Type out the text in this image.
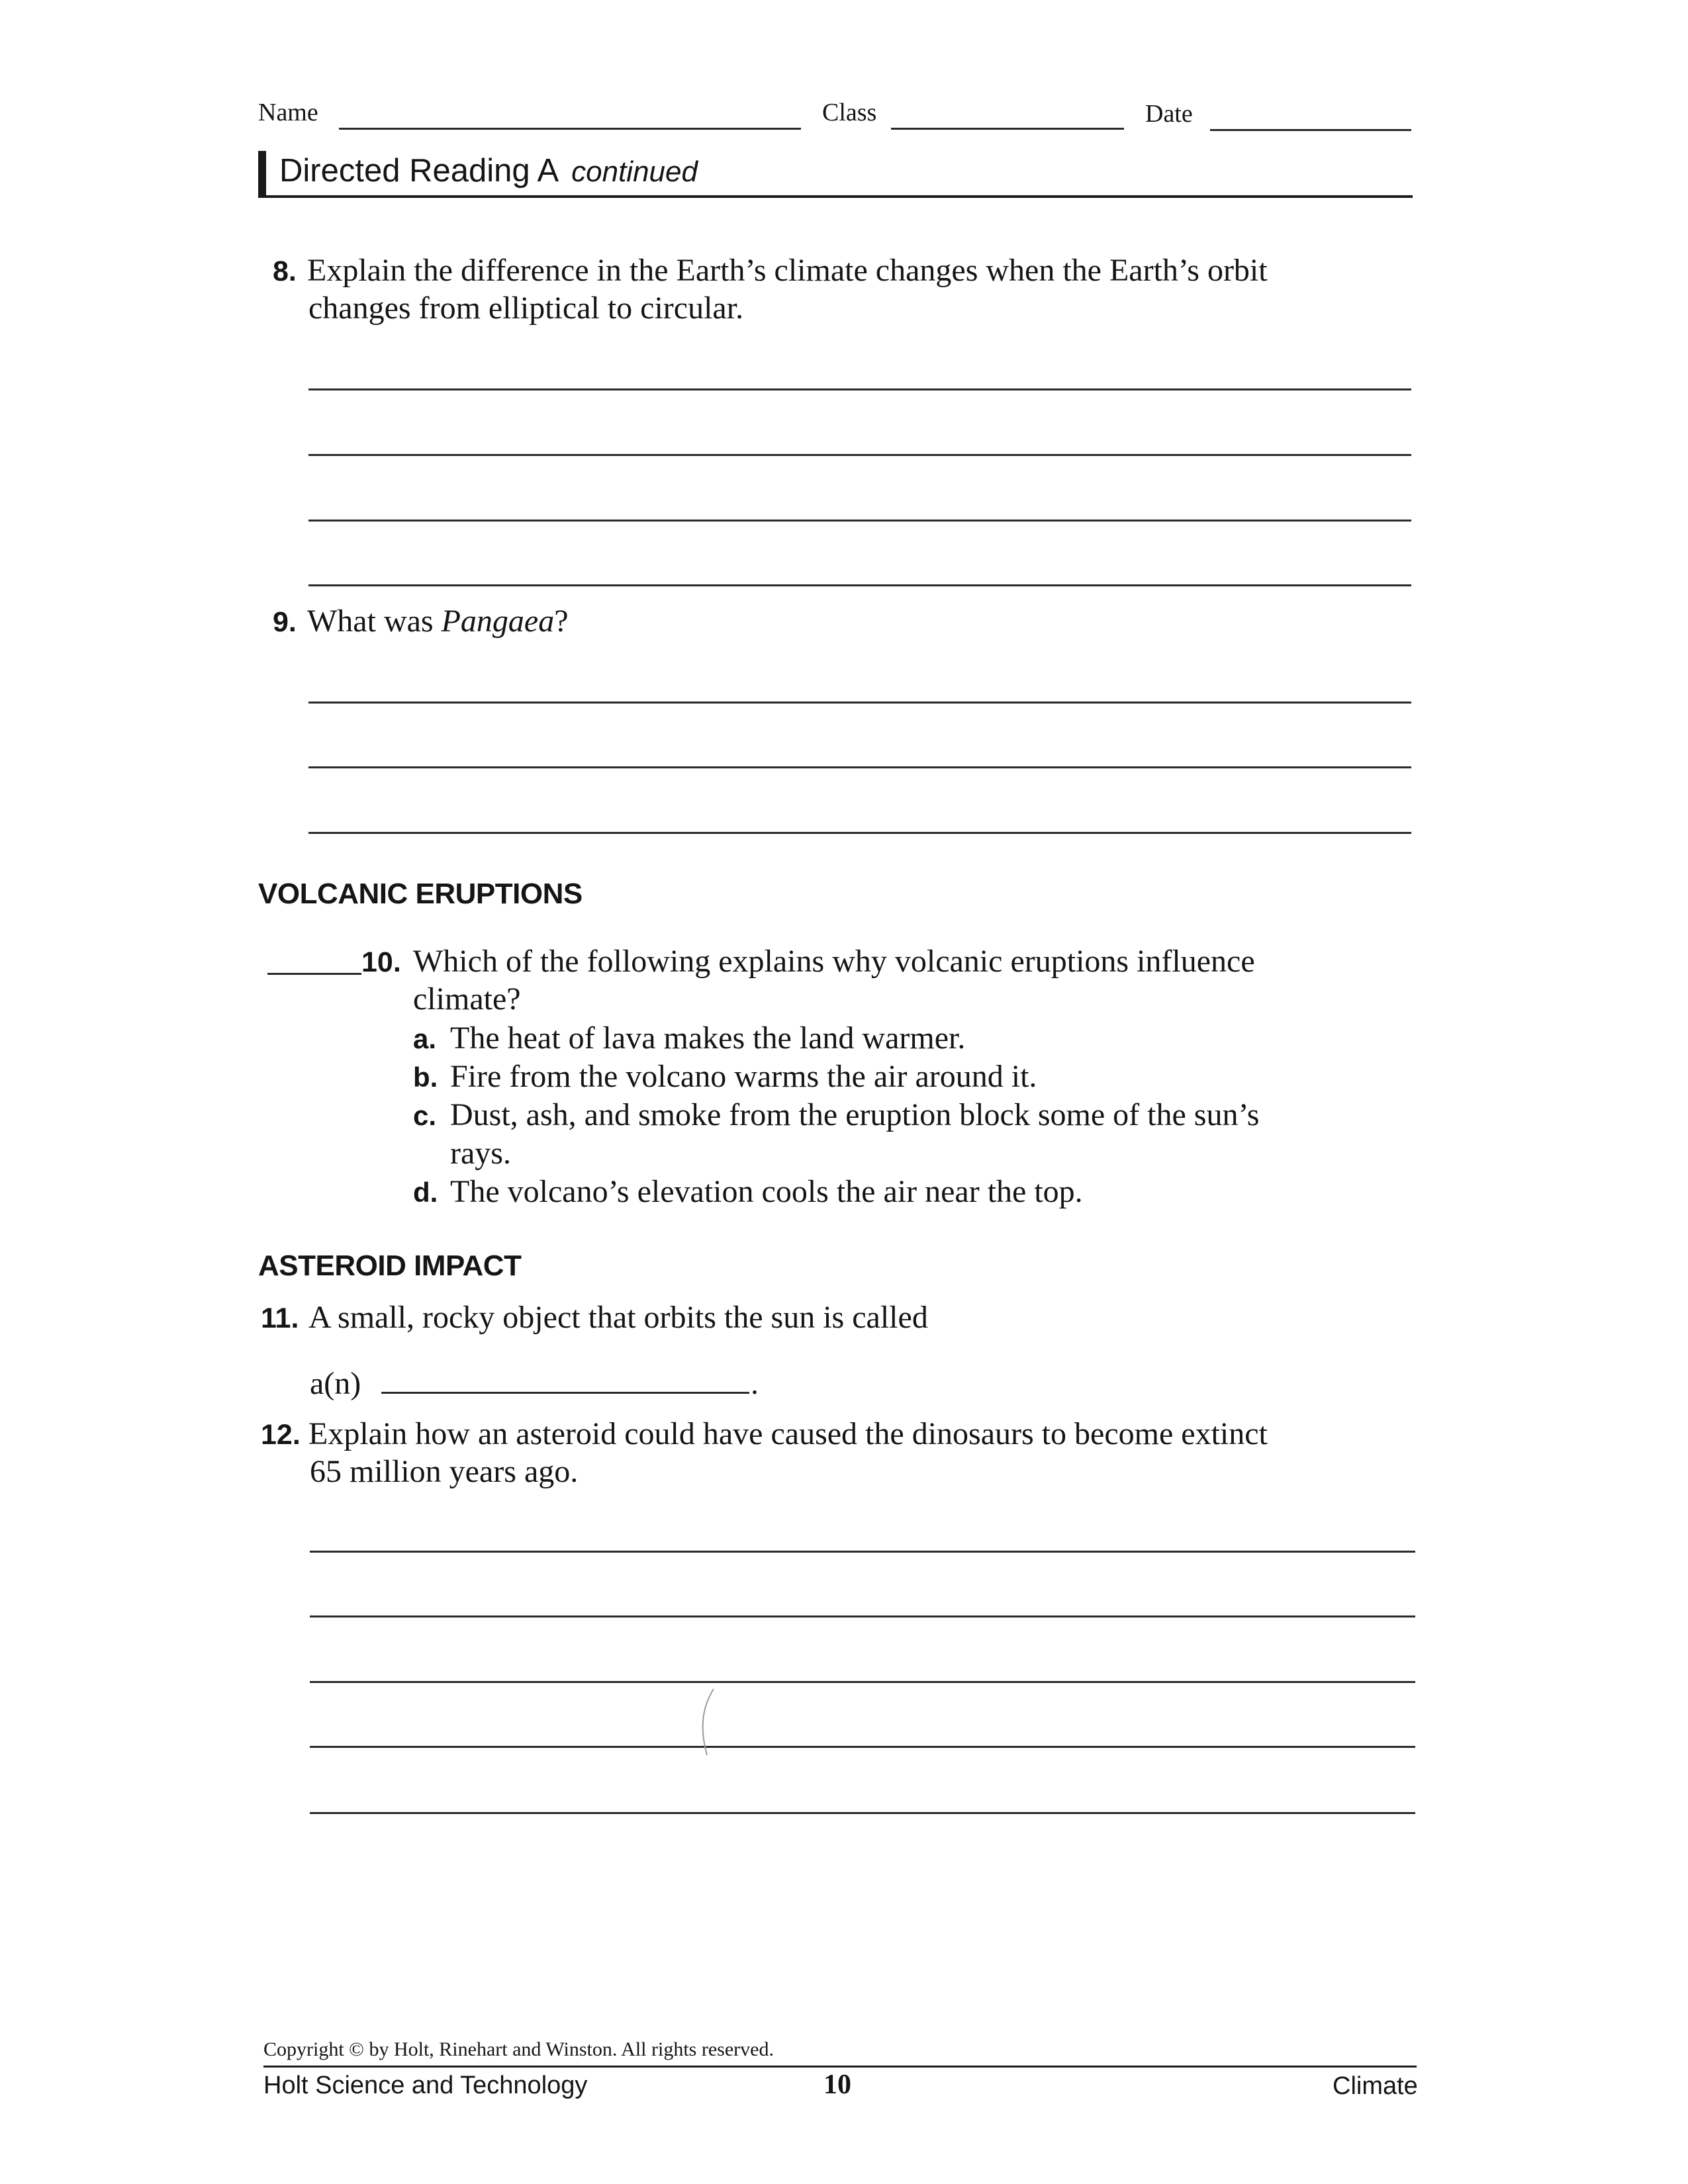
Name	Class	Date
Directed Reading A continued
8. Explain the difference in the Earth’s climate changes when the Earth’s orbit
changes from elliptical to circular.
9. What was Pangaea?
VOLCANIC ERUPTIONS
10. Which of the following explains why volcanic eruptions influence
climate?
a. The heat of lava makes the land warmer.
b. Fire from the volcano warms the air around it.
c. Dust, ash, and smoke from the eruption block some of the sun’s
rays.
d. The volcano’s elevation cools the air near the top.
ASTEROID IMPACT
11. A small, rocky object that orbits the sun is called
a(n)	.
12. Explain how an asteroid could have caused the dinosaurs to become extinct
65 million years ago.
Copyright © by Holt, Rinehart and Winston. All rights reserved.
Holt Science and Technology	10	Climate
